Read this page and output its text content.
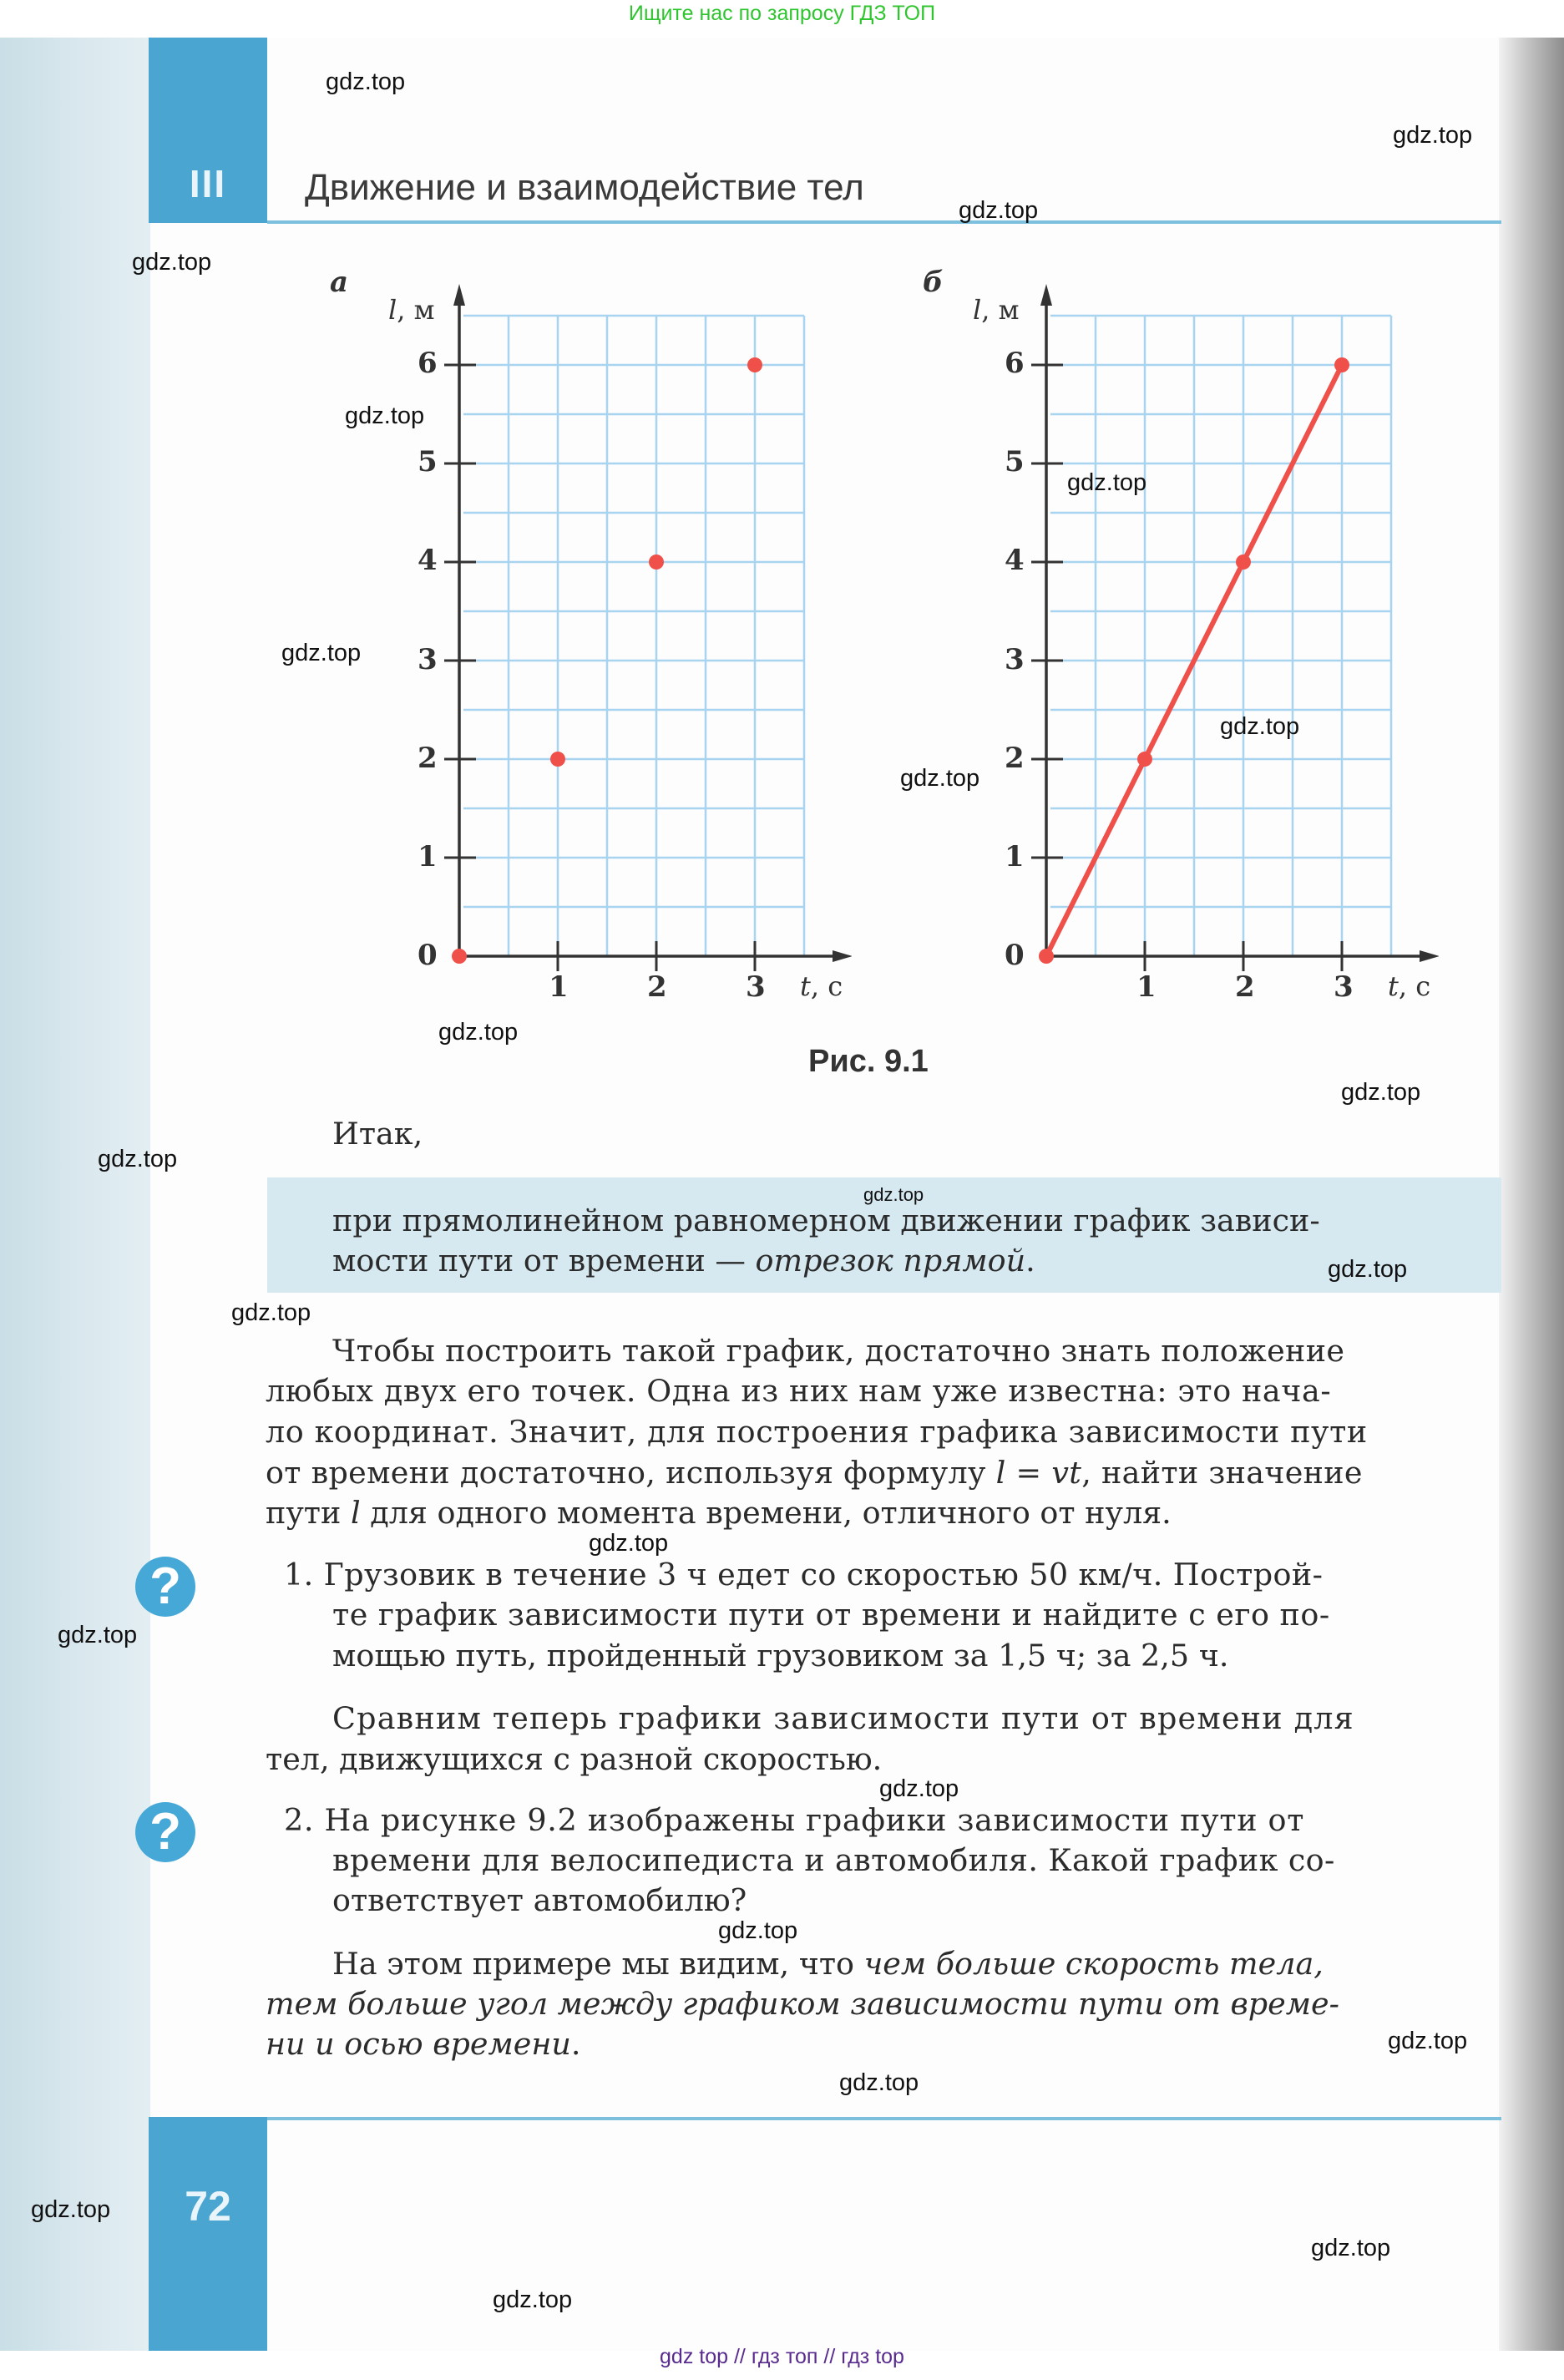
Ищите нас по запросу ГДЗ ТОП
III	Движение и взаимодействие тел
а	б
l, м	l, м
t, с	t, с
0
1
2
3
4
5
6
1	2	3
0
1
2
3
4
5
6
1	2	3
Рис. 9.1
Итак,
при прямолинейном равномерном движении график зависи-
мости пути от времени — отрезок прямой.
Чтобы построить такой график, достаточно знать положение
любых двух его точек. Одна из них нам уже известна: это нача-
ло координат. Значит, для построения графика зависимости пути
от времени достаточно, используя формулу l = vt, найти значение
пути l для одного момента времени, отличного от нуля.
?	1. Грузовик в течение 3 ч едет со скоростью 50 км/ч. Построй-
те график зависимости пути от времени и найдите с его по-
мощью путь, пройденный грузовиком за 1,5 ч; за 2,5 ч.
Сравним теперь графики зависимости пути от времени для
тел, движущихся с разной скоростью.
?	2. На рисунке 9.2 изображены графики зависимости пути от
времени для велосипедиста и автомобиля. Какой график со-
ответствует автомобилю?
На этом примере мы видим, что чем больше скорость тела,
тем больше угол между графиком зависимости пути от време-
ни и осью времени.
72
gdz.top
gdz.top
gdz.top
gdz.top
gdz.top
gdz.top
gdz.top
gdz.top
gdz.top
gdz.top
gdz.top
gdz.top
gdz.top
gdz.top
gdz.top
gdz.top
gdz.top
gdz.top
gdz.top
gdz.top
gdz.top
gdz.top
gdz.top
gdz.top
gdz top // гдз топ // гдз top
